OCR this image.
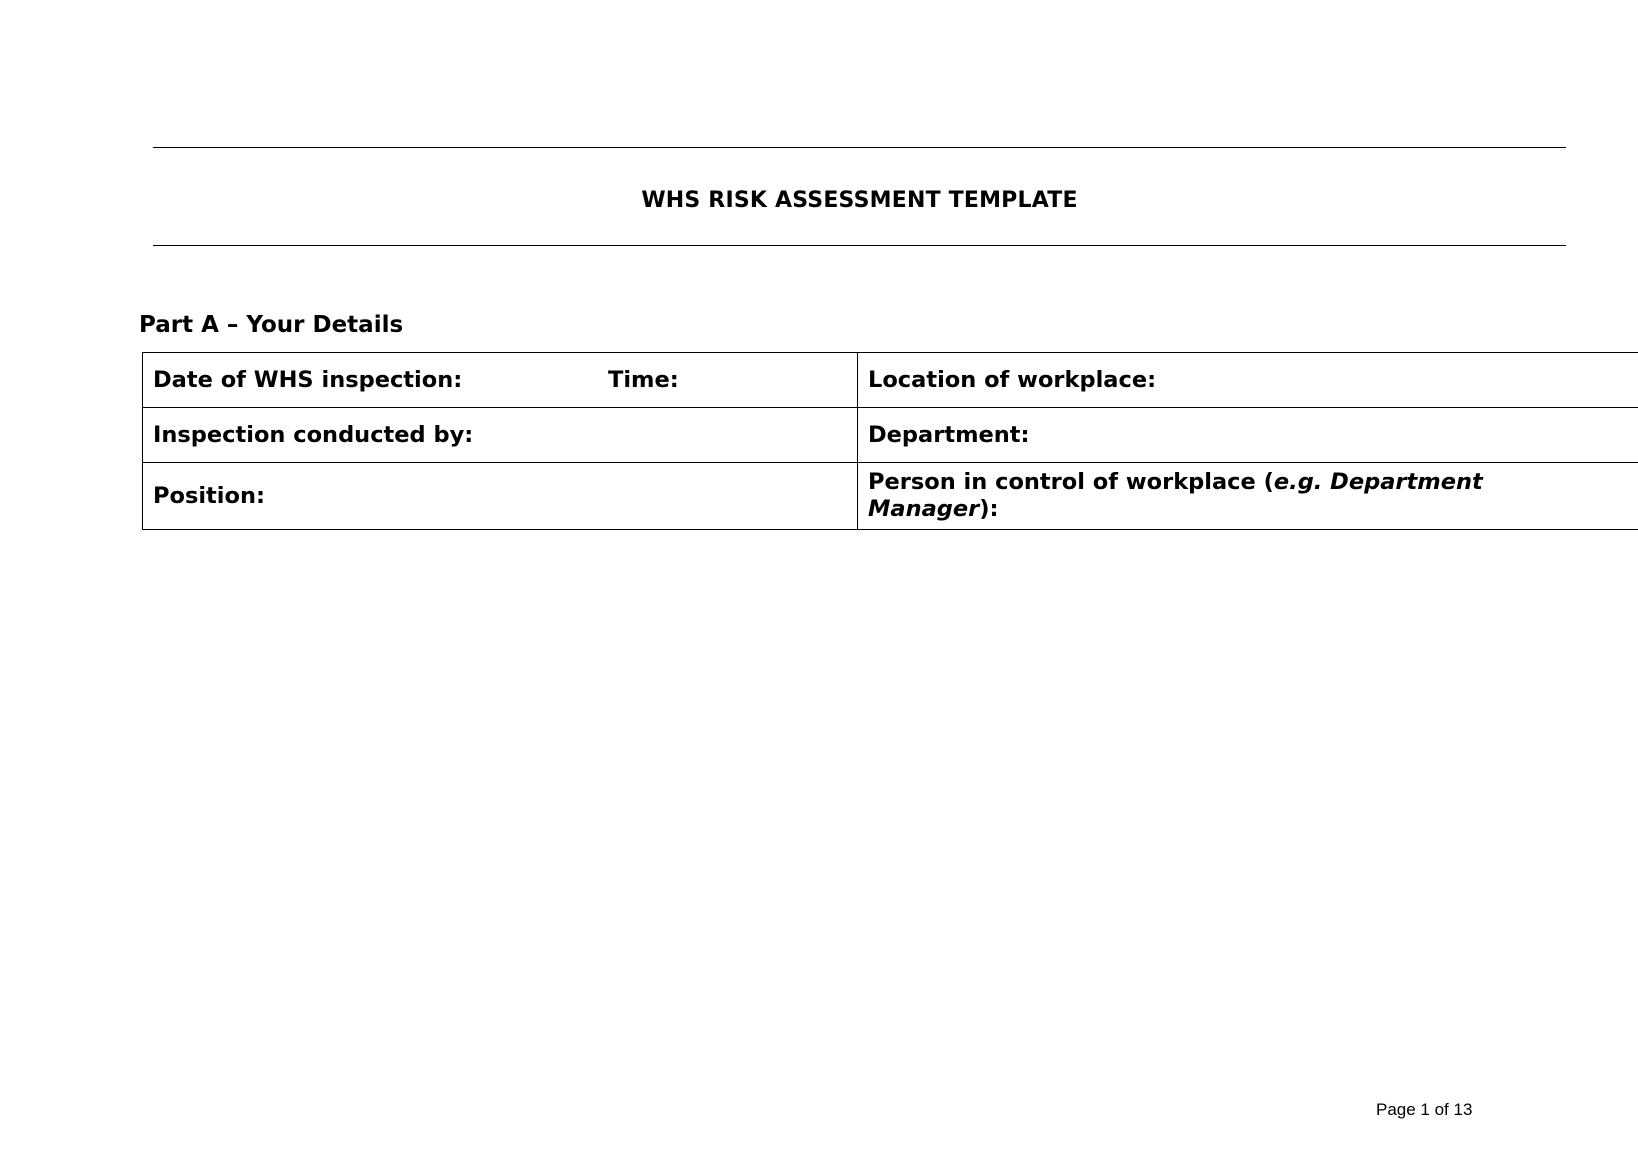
WHS RISK ASSESSMENT TEMPLATE
Part A – Your Details
Date of WHS inspection: Time:	Location of workplace:
Inspection conducted by:	Department:
Position:	Person in control of workplace (e.g. Department Manager):
Page 1 of 13
